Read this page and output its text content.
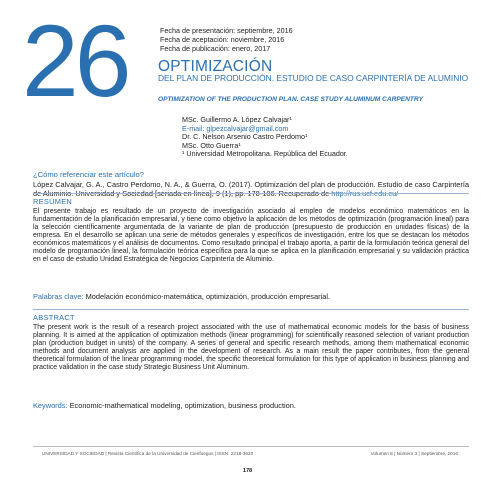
26	Fecha de presentación: septiembre, 2016
Fecha de aceptación: noviembre, 2016
Fecha de publicación: enero, 2017
OPTIMIZACIÓN
DEL PLAN DE PRODUCCIÓN. ESTUDIO DE CASO CARPINTERÍA DE ALUMINIO
OPTIMIZATION OF THE PRODUCTION PLAN. CASE STUDY ALUMINUM CARPENTRY
MSc. Guillermo A. López Calvajar¹
E-mail: glpezcalvajar@gmail.com
Dr. C. Nelson Arsenio Castro Perdomo¹
MSc. Otto Guerra¹
¹ Universidad Metropolitana. República del Ecuador.
¿Cómo referenciar este artículo?
López Calvajar, G. A., Castro Perdomo, N. A., & Guerra, O. (2017). Optimización del plan de producción. Estudio de caso Carpintería de Aluminio. Universidad y Sociedad [seriada en línea], 9 (1), pp. 178-186. Recuperado de http://rus.ucf.edu.cu/
RESUMEN
El presente trabajo es resultado de un proyecto de investigación asociado al empleo de modelos económico matemáticos en la fundamentación de la planificación empresarial, y tiene como objetivo la aplicación de los métodos de optimización (programación lineal) para la selección científicamente argumentada de la variante de plan de producción (presupuesto de producción en unidades físicas) de la empresa. En el desarrollo se aplican una serie de métodos generales y específicos de investigación, entre los que se destacan los métodos económicos matemáticos y el análisis de documentos. Como resultado principal el trabajo aporta, a partir de la formulación teórica general del modelo de programación lineal, la formulación teórica específica para la que se aplica en la planificación empresarial y su validación práctica en el caso de estudio Unidad Estratégica de Negocios Carpintería de Aluminio.
Palabras clave: Modelación económico-matemática, optimización, producción empresarial.
ABSTRACT
The present work is the result of a research project associated with the use of mathematical economic models for the basis of business planning. It is aimed at the application of optimization methods (linear programming) for scientifically reasoned selection of variant production plan (production budget in units) of the company. A series of general and specific research methods, among them mathematical economic methods and document analysis are applied in the development of research. As a main result the paper contributes, from the general theoretical formulation of the linear programming model, the specific theoretical formulation for this type of application in business planning and practice validation in the case study Strategic Business Unit Aluminum.
Keywords: Economic-mathematical modeling, optimization, business production.
UNIVERSIDAD Y SOCIEDAD | Revista Científica de la Universidad de Cienfuegos | ISSN: 2218-3620	Volumen 8 | Número 3 | Septiembre, 2016
178
